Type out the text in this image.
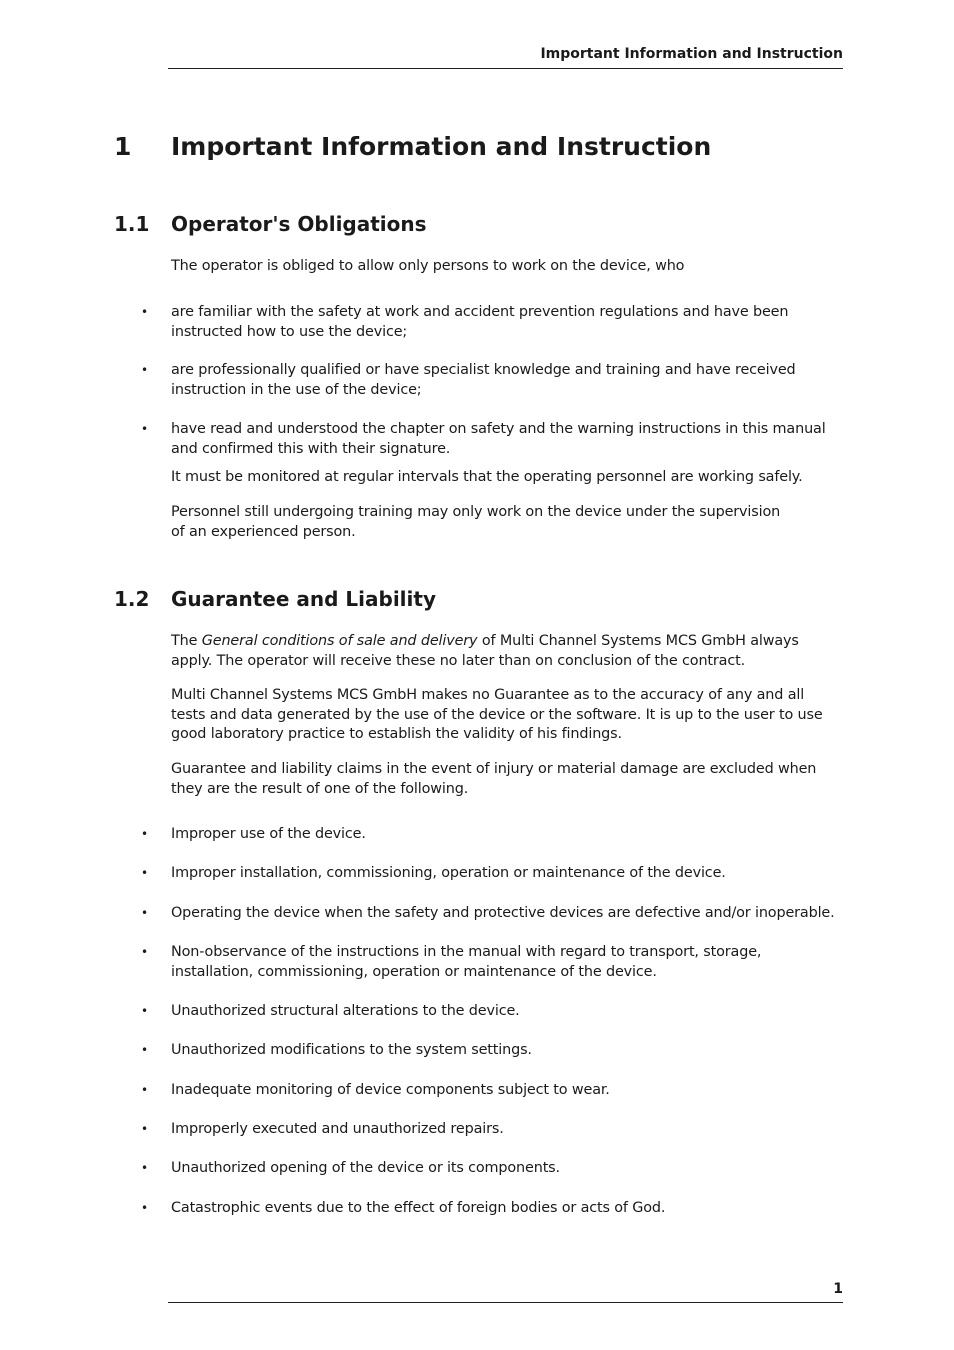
Important Information and Instruction
1 Important Information and Instruction
1.1 Operator's Obligations

The operator is obliged to allow only persons to work on the device, who

•	are familiar with the safety at work and accident prevention regulations and have been instructed how to use the device;
•	are professionally qualified or have specialist knowledge and training and have received instruction in the use of the device;
•	have read and understood the chapter on safety and the warning instructions in this manual and confirmed this with their signature.

It must be monitored at regular intervals that the operating personnel are working safely.

Personnel still undergoing training may only work on the device under the supervision
of an experienced person.

1.2 Guarantee and Liability

The General conditions of sale and delivery of Multi Channel Systems MCS GmbH always apply. The operator will receive these no later than on conclusion of the contract.

Multi Channel Systems MCS GmbH makes no Guarantee as to the accuracy of any and all tests and data generated by the use of the device or the software. It is up to the user to use good laboratory practice to establish the validity of his findings.

Guarantee and liability claims in the event of injury or material damage are excluded when they are the result of one of the following.

•	Improper use of the device.
•	Improper installation, commissioning, operation or maintenance of the device.
•	Operating the device when the safety and protective devices are defective and/or inoperable.
•	Non-observance of the instructions in the manual with regard to transport, storage, installation, commissioning, operation or maintenance of the device.
•	Unauthorized structural alterations to the device.
•	Unauthorized modifications to the system settings.
•	Inadequate monitoring of device components subject to wear.
•	Improperly executed and unauthorized repairs.
•	Unauthorized opening of the device or its components.
•	Catastrophic events due to the effect of foreign bodies or acts of God.
1
